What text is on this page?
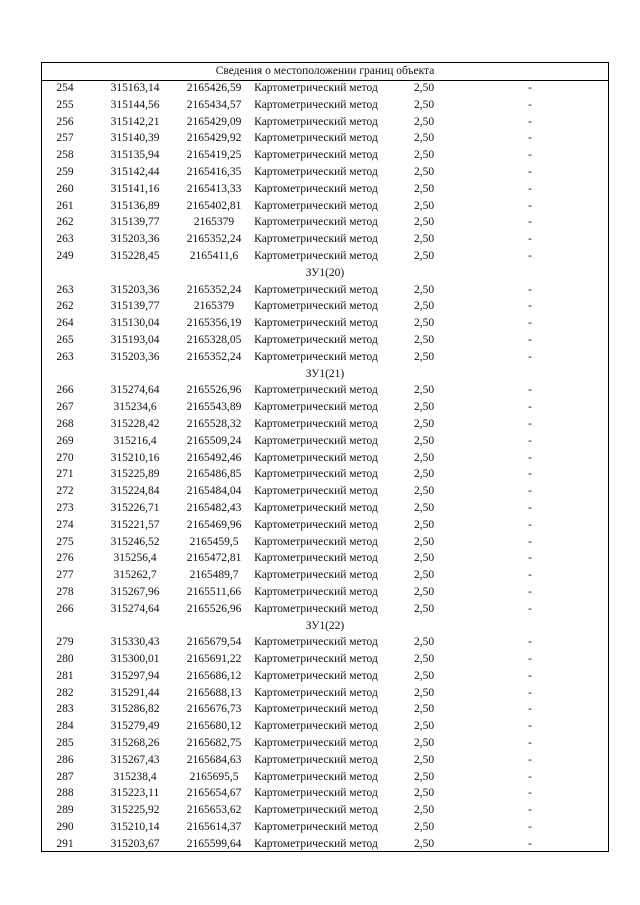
Сведения о местоположении границ объекта
254	315163,14	2165426,59	Картометрический метод	2,50	-
255	315144,56	2165434,57	Картометрический метод	2,50	-
256	315142,21	2165429,09	Картометрический метод	2,50	-
257	315140,39	2165429,92	Картометрический метод	2,50	-
258	315135,94	2165419,25	Картометрический метод	2,50	-
259	315142,44	2165416,35	Картометрический метод	2,50	-
260	315141,16	2165413,33	Картометрический метод	2,50	-
261	315136,89	2165402,81	Картометрический метод	2,50	-
262	315139,77	2165379	Картометрический метод	2,50	-
263	315203,36	2165352,24	Картометрический метод	2,50	-
249	315228,45	2165411,6	Картометрический метод	2,50	-
ЗУ1(20)
263	315203,36	2165352,24	Картометрический метод	2,50	-
262	315139,77	2165379	Картометрический метод	2,50	-
264	315130,04	2165356,19	Картометрический метод	2,50	-
265	315193,04	2165328,05	Картометрический метод	2,50	-
263	315203,36	2165352,24	Картометрический метод	2,50	-
ЗУ1(21)
266	315274,64	2165526,96	Картометрический метод	2,50	-
267	315234,6	2165543,89	Картометрический метод	2,50	-
268	315228,42	2165528,32	Картометрический метод	2,50	-
269	315216,4	2165509,24	Картометрический метод	2,50	-
270	315210,16	2165492,46	Картометрический метод	2,50	-
271	315225,89	2165486,85	Картометрический метод	2,50	-
272	315224,84	2165484,04	Картометрический метод	2,50	-
273	315226,71	2165482,43	Картометрический метод	2,50	-
274	315221,57	2165469,96	Картометрический метод	2,50	-
275	315246,52	2165459,5	Картометрический метод	2,50	-
276	315256,4	2165472,81	Картометрический метод	2,50	-
277	315262,7	2165489,7	Картометрический метод	2,50	-
278	315267,96	2165511,66	Картометрический метод	2,50	-
266	315274,64	2165526,96	Картометрический метод	2,50	-
ЗУ1(22)
279	315330,43	2165679,54	Картометрический метод	2,50	-
280	315300,01	2165691,22	Картометрический метод	2,50	-
281	315297,94	2165686,12	Картометрический метод	2,50	-
282	315291,44	2165688,13	Картометрический метод	2,50	-
283	315286,82	2165676,73	Картометрический метод	2,50	-
284	315279,49	2165680,12	Картометрический метод	2,50	-
285	315268,26	2165682,75	Картометрический метод	2,50	-
286	315267,43	2165684,63	Картометрический метод	2,50	-
287	315238,4	2165695,5	Картометрический метод	2,50	-
288	315223,11	2165654,67	Картометрический метод	2,50	-
289	315225,92	2165653,62	Картометрический метод	2,50	-
290	315210,14	2165614,37	Картометрический метод	2,50	-
291	315203,67	2165599,64	Картометрический метод	2,50	-
